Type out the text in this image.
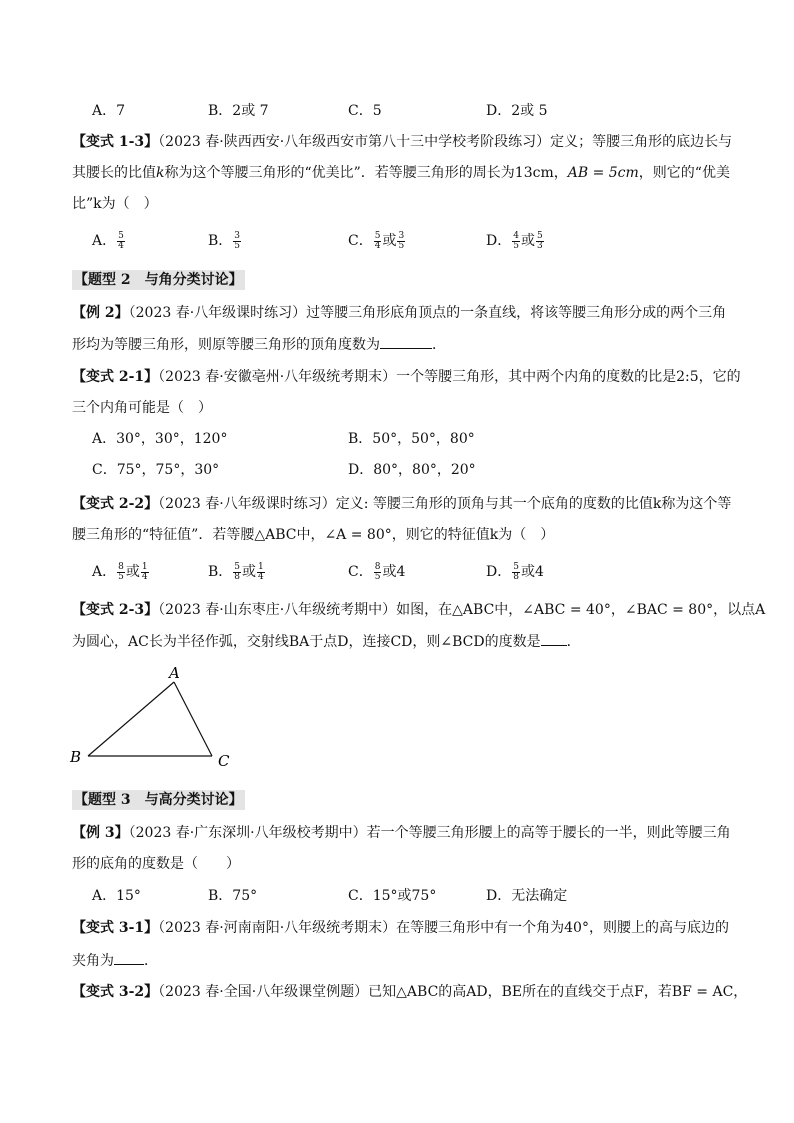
A．7	B．2或 7	C．5	D．2或 5
【变式 1-3】（2023 春·陕西西安·八年级西安市第八十三中学校考阶段练习）定义；等腰三角形的底边长与
其腰长的比值k称为这个等腰三角形的“优美比”．若等腰三角形的周长为13cm，AB = 5cm，则它的“优美
比”k为（　）
A． $\frac{5}{4}$	B． $\frac{3}{5}$	C． $\frac{5}{4}$ 或 $\frac{3}{5}$	D． $\frac{4}{5}$ 或 $\frac{5}{3}$
【题型 2　与角分类讨论】
【例 2】（2023 春·八年级课时练习）过等腰三角形底角顶点的一条直线，将该等腰三角形分成的两个三角
形均为等腰三角形，则原等腰三角形的顶角度数为	．
【变式 2-1】（2023 春·安徽亳州·八年级统考期末）一个等腰三角形，其中两个内角的度数的比是2:5，它的
三个内角可能是（　）
A．30°，30°，120°	B．50°，50°，80°
C．75°，75°，30°	D．80°，80°，20°
【变式 2-2】（2023 春·八年级课时练习）定义: 等腰三角形的顶角与其一个底角的度数的比值k称为这个等
腰三角形的“特征值”．若等腰△ABC中，∠A = 80°，则它的特征值k为（　）
A． $\frac{8}{5}$ 或 $\frac{1}{4}$	B． $\frac{5}{8}$ 或 $\frac{1}{4}$	C． $\frac{8}{5}$ 或4	D． $\frac{5}{8}$ 或4
【变式 2-3】（2023 春·山东枣庄·八年级统考期中）如图，在△ABC中，∠ABC = 40°，∠BAC = 80°，以点A
为圆心，AC长为半径作弧，交射线BA于点D，连接CD，则∠BCD的度数是 ．
A
B	C
【题型 3　与高分类讨论】
【例 3】（2023 春·广东深圳·八年级校考期中）若一个等腰三角形腰上的高等于腰长的一半，则此等腰三角
形的底角的度数是（　　）
A．15°	B．75°	C．15°或75°	D．无法确定
【变式 3-1】（2023 春·河南南阳·八年级统考期末）在等腰三角形中有一个角为40°，则腰上的高与底边的
夹角为 ．
【变式 3-2】（2023 春·全国·八年级课堂例题）已知△ABC的高AD，BE所在的直线交于点F，若BF = AC，
